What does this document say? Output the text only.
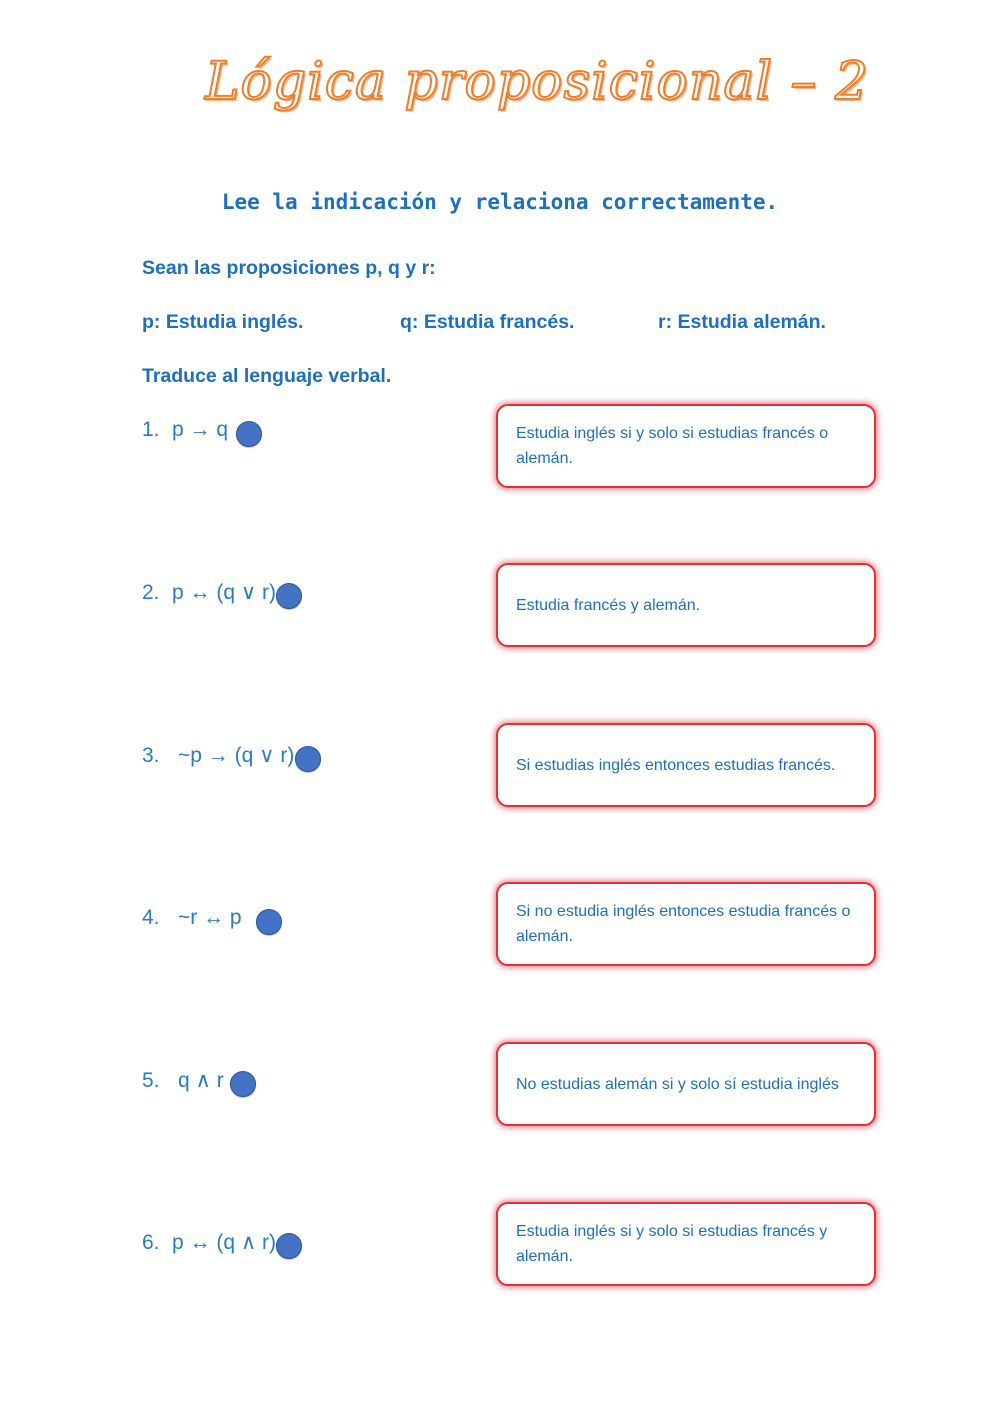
Lógica proposicional – 2
Lee la indicación y relaciona correctamente.
Sean las proposiciones p, q y r:
p: Estudia inglés.	q: Estudia francés.	r: Estudia alemán.
Traduce al lenguaje verbal.
1. p → q
2. p ↔ (q ∨ r)
3. ~p → (q ∨ r)
4. ~r ↔ p
5. q ∧ r
6. p ↔ (q ∧ r)
Estudia inglés si y solo si estudias francés o alemán.
Estudia francés y alemán.
Si estudias inglés entonces estudias francés.
Si no estudia inglés entonces estudia francés o alemán.
No estudias alemán si y solo sí estudia inglés
Estudia inglés si y solo si estudias francés y alemán.
